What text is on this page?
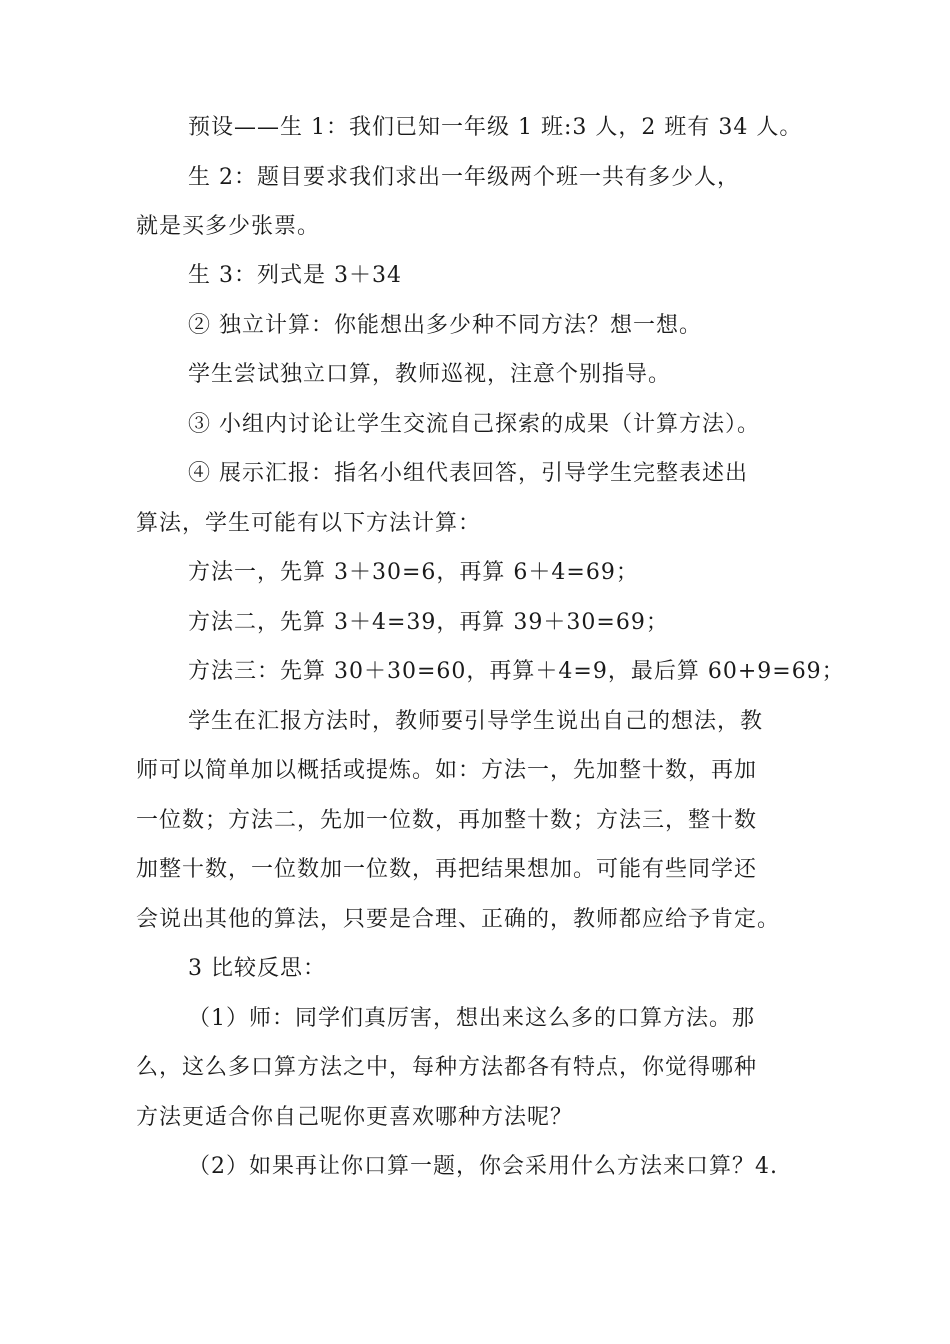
预设——生 1：我们已知一年级 1 班:3 人，2 班有 34 人。
生 2：题目要求我们求出一年级两个班一共有多少人，
就是买多少张票。
生 3：列式是 3＋34
② 独立计算：你能想出多少种不同方法？想一想。
学生尝试独立口算，教师巡视，注意个别指导。
③ 小组内讨论让学生交流自己探索的成果（计算方法）。
④ 展示汇报：指名小组代表回答，引导学生完整表述出
算法，学生可能有以下方法计算：
方法一，先算 3＋30=6，再算 6＋4=69；
方法二，先算 3＋4=39，再算 39＋30=69；
方法三：先算 30＋30=60，再算＋4=9，最后算 60+9=69；
学生在汇报方法时，教师要引导学生说出自己的想法，教
师可以简单加以概括或提炼。如：方法一，先加整十数，再加
一位数；方法二，先加一位数，再加整十数；方法三，整十数
加整十数，一位数加一位数，再把结果想加。可能有些同学还
会说出其他的算法，只要是合理、正确的，教师都应给予肯定。
3 比较反思：
（1）师：同学们真厉害，想出来这么多的口算方法。那
么，这么多口算方法之中，每种方法都各有特点，你觉得哪种
方法更适合你自己呢你更喜欢哪种方法呢？
（2）如果再让你口算一题，你会采用什么方法来口算？4.
